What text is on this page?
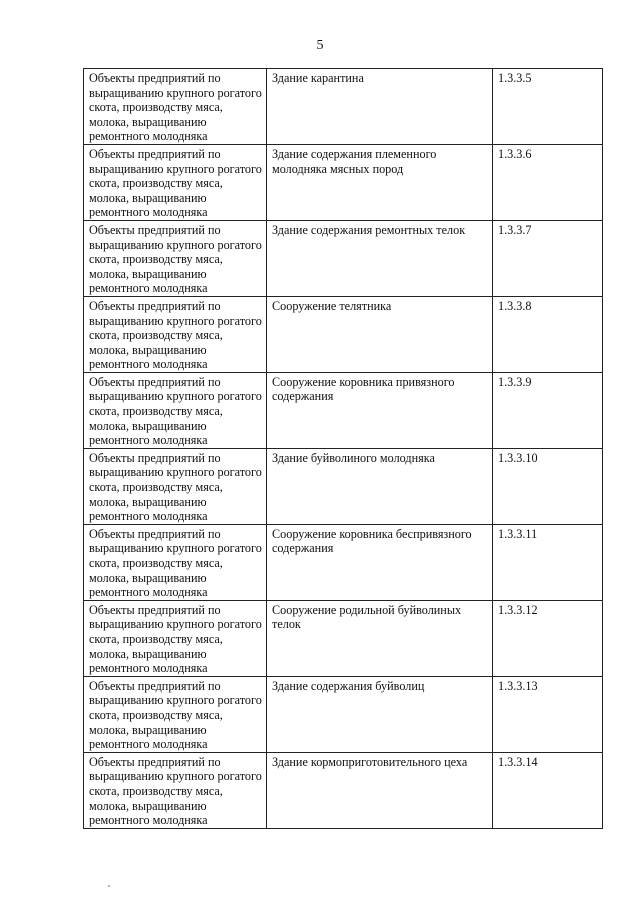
5
Объекты предприятий по выращиванию крупного рогатого скота, производству мяса, молока, выращиванию ремонтного молодняка	Здание карантина	1.3.3.5
Объекты предприятий по выращиванию крупного рогатого скота, производству мяса, молока, выращиванию ремонтного молодняка	Здание содержания племенного молодняка мясных пород	1.3.3.6
Объекты предприятий по выращиванию крупного рогатого скота, производству мяса, молока, выращиванию ремонтного молодняка	Здание содержания ремонтных телок	1.3.3.7
Объекты предприятий по выращиванию крупного рогатого скота, производству мяса, молока, выращиванию ремонтного молодняка	Сооружение телятника	1.3.3.8
Объекты предприятий по выращиванию крупного рогатого скота, производству мяса, молока, выращиванию ремонтного молодняка	Сооружение коровника привязного содержания	1.3.3.9
Объекты предприятий по выращиванию крупного рогатого скота, производству мяса, молока, выращиванию ремонтного молодняка	Здание буйволиного молодняка	1.3.3.10
Объекты предприятий по выращиванию крупного рогатого скота, производству мяса, молока, выращиванию ремонтного молодняка	Сооружение коровника беспривязного содержания	1.3.3.11
Объекты предприятий по выращиванию крупного рогатого скота, производству мяса, молока, выращиванию ремонтного молодняка	Сооружение родильной буйволиных телок	1.3.3.12
Объекты предприятий по выращиванию крупного рогатого скота, производству мяса, молока, выращиванию ремонтного молодняка	Здание содержания буйволиц	1.3.3.13
Объекты предприятий по выращиванию крупного рогатого скота, производству мяса, молока, выращиванию ремонтного молодняка	Здание кормоприготовительного цеха	1.3.3.14
